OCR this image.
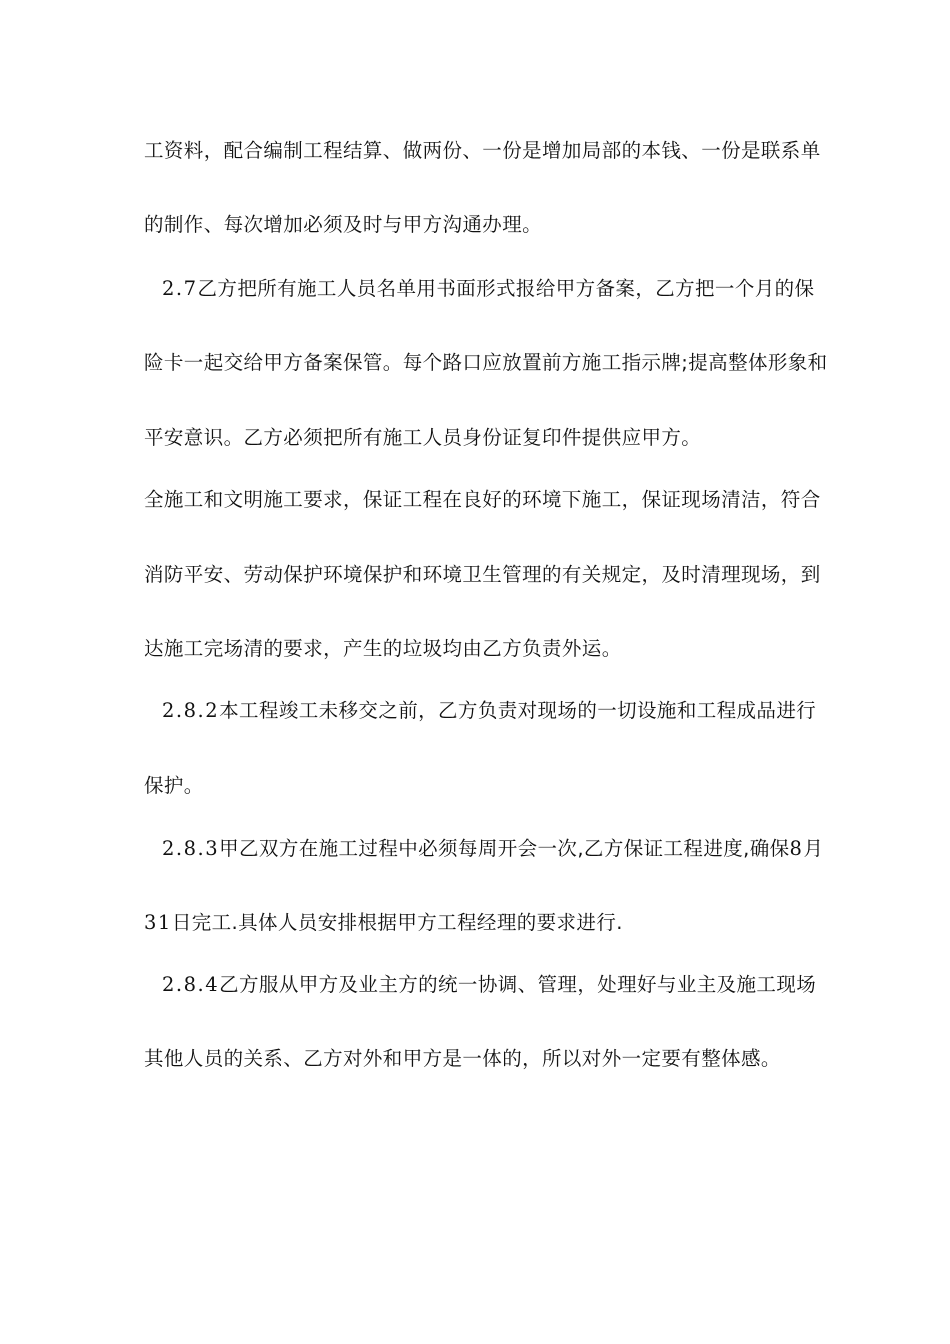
工资料，配合编制工程结算、做两份、一份是增加局部的本钱、一份是联系单
的制作、每次增加必须及时与甲方沟通办理。
2.7乙方把所有施工人员名单用书面形式报给甲方备案，乙方把一个月的保
险卡一起交给甲方备案保管。每个路口应放置前方施工指示牌;提高整体形象和
平安意识。乙方必须把所有施工人员身份证复印件提供应甲方。
全施工和文明施工要求，保证工程在良好的环境下施工，保证现场清洁，符合
消防平安、劳动保护环境保护和环境卫生管理的有关规定，及时清理现场，到
达施工完场清的要求，产生的垃圾均由乙方负责外运。
2.8.2本工程竣工未移交之前，乙方负责对现场的一切设施和工程成品进行
保护。
2.8.3甲乙双方在施工过程中必须每周开会一次,乙方保证工程进度,确保8月
31日完工.具体人员安排根据甲方工程经理的要求进行.
2.8.4乙方服从甲方及业主方的统一协调、管理，处理好与业主及施工现场
其他人员的关系、乙方对外和甲方是一体的，所以对外一定要有整体感。
